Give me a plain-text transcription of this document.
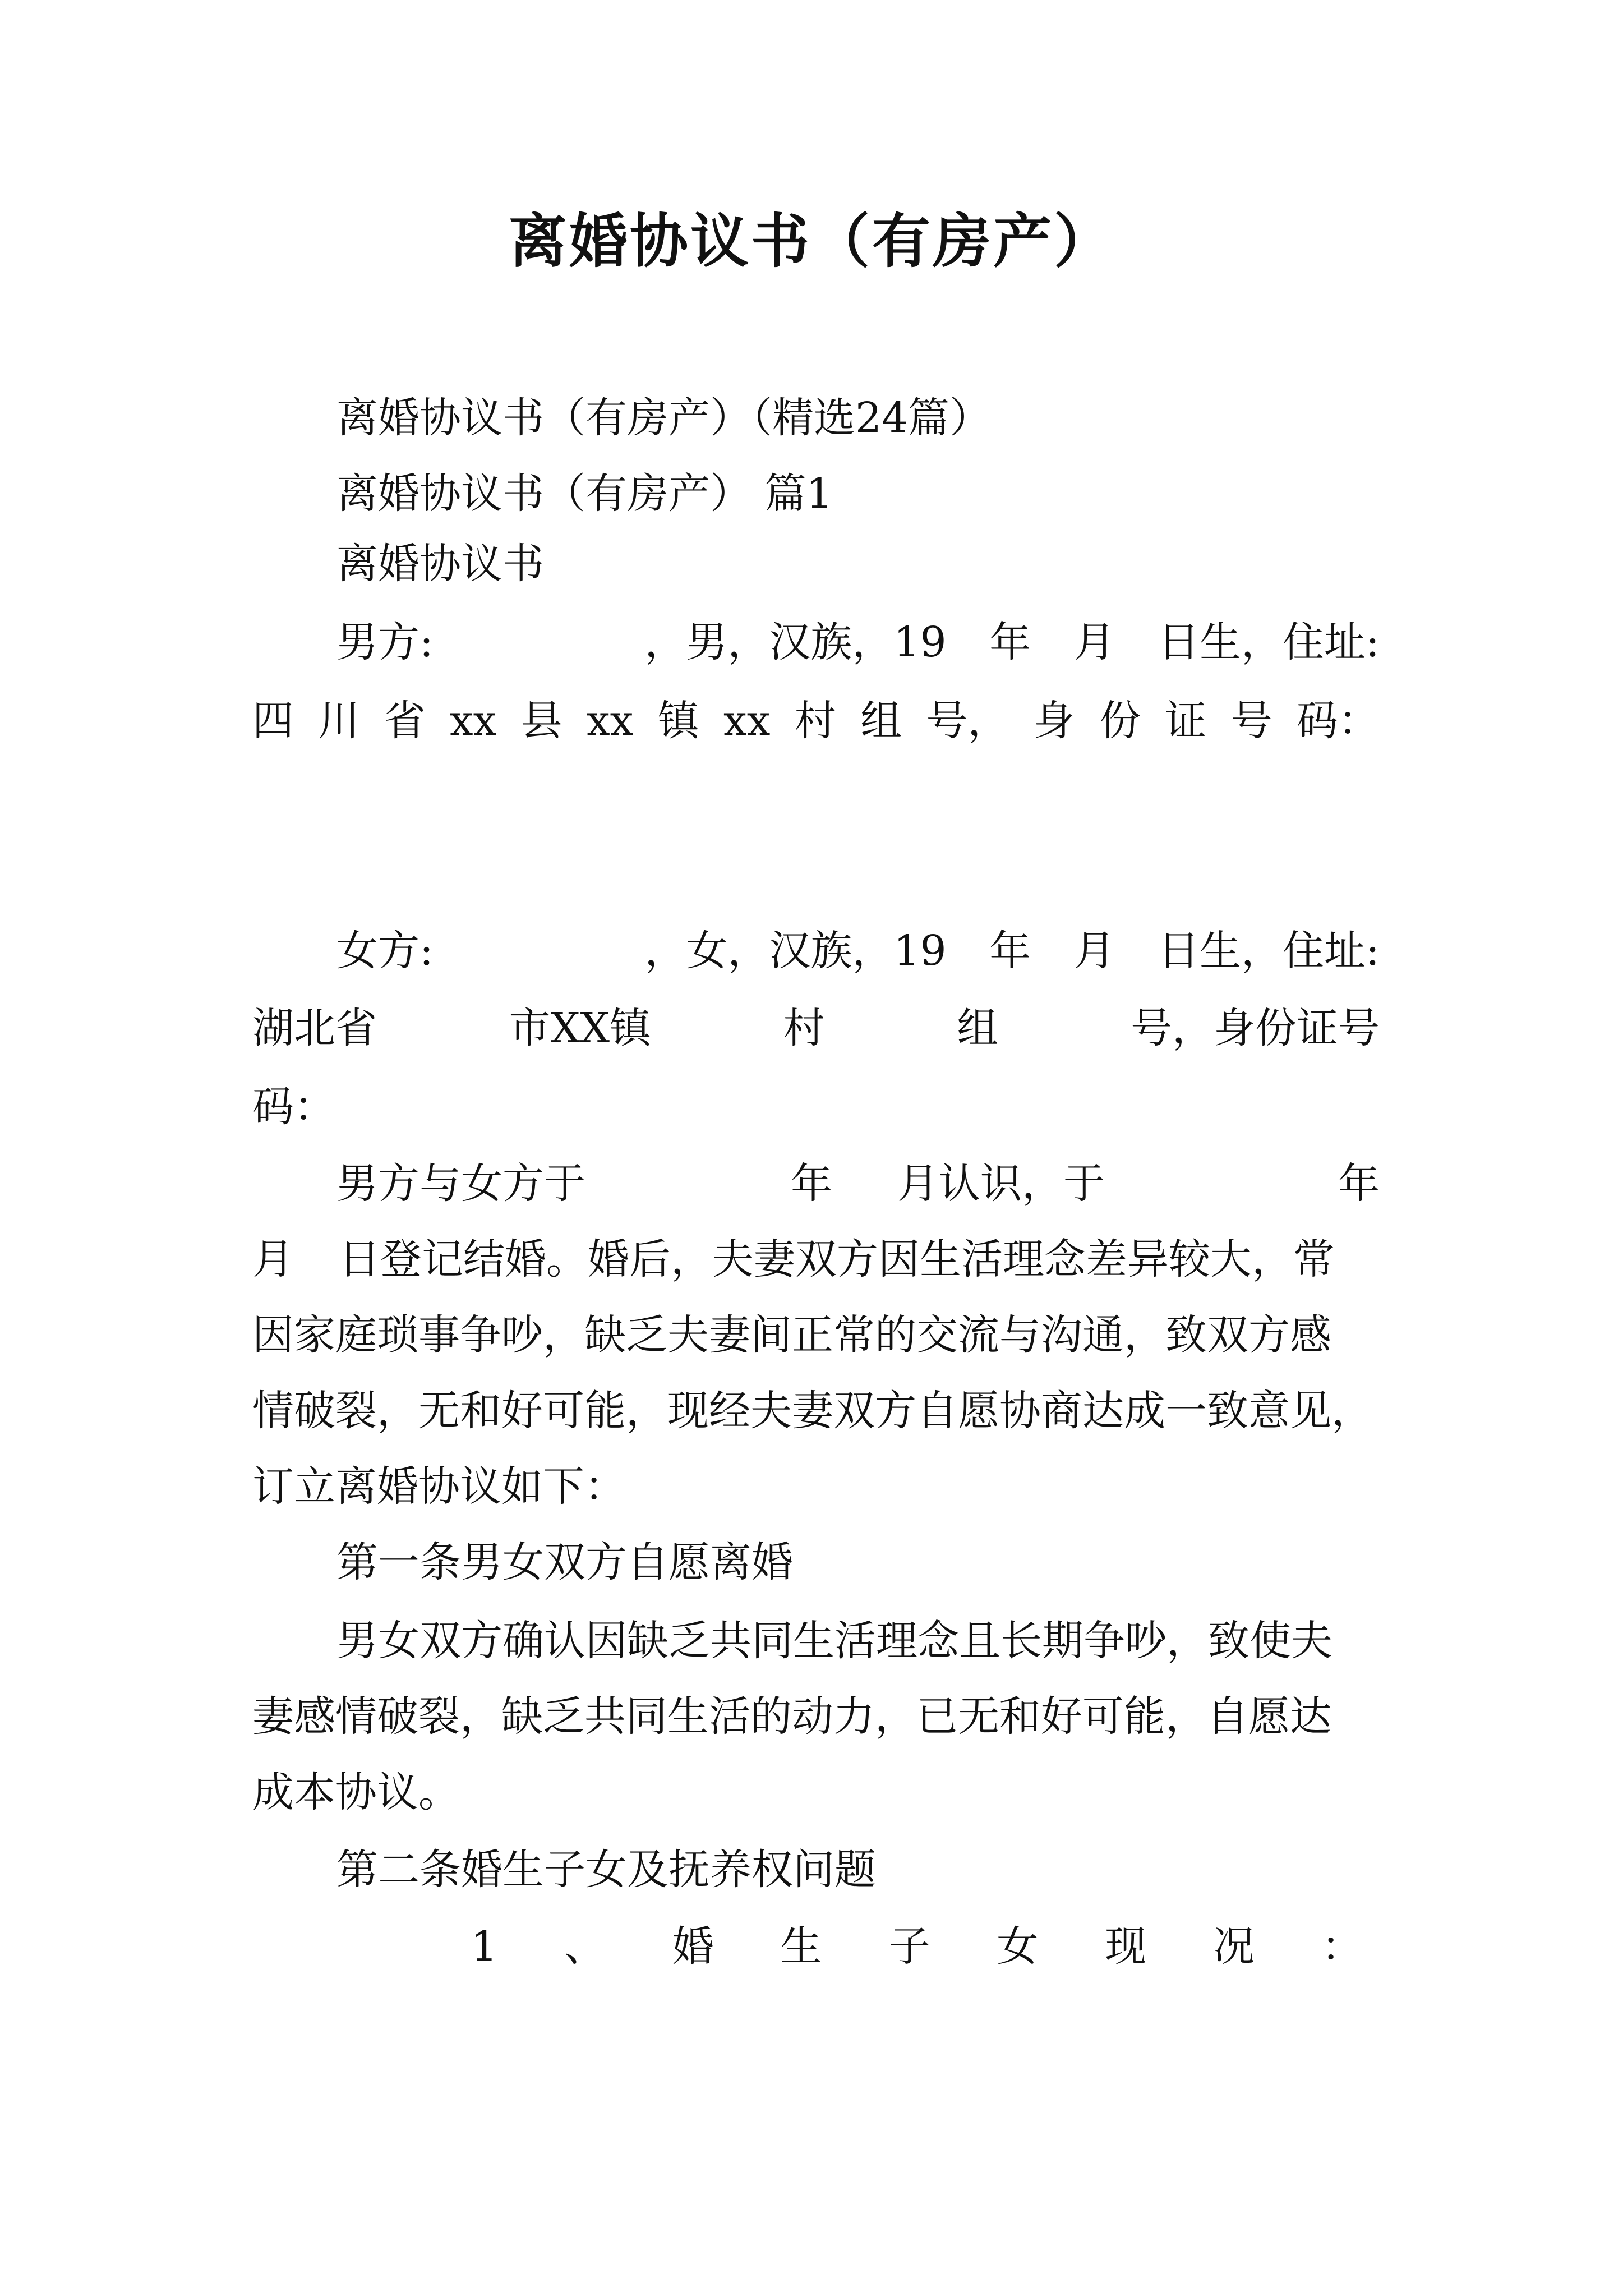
离婚协议书（有房产）
离婚协议书（有房产）（精选24篇）
离婚协议书（有房产） 篇1
离婚协议书
男方:	，男，汉族，19 年 月 日生，住址:
四 川 省 xx 县 xx 镇 xx 村 组 号， 身 份 证 号 码：
女方:	，女，汉族，19 年 月 日生，住址:
湖北省	市XX镇	村	组	号，身份证号
码：
男方与女方于	年 月认识，于	年
月 日登记结婚。婚后，夫妻双方因生活理念差异较大，常
因家庭琐事争吵，缺乏夫妻间正常的交流与沟通，致双方感
情破裂，无和好可能，现经夫妻双方自愿协商达成一致意见，
订立离婚协议如下：
第一条男女双方自愿离婚
男女双方确认因缺乏共同生活理念且长期争吵，致使夫
妻感情破裂，缺乏共同生活的动力，已无和好可能，自愿达
成本协议。
第二条婚生子女及抚养权问题
1 、 婚 生 子 女 现 况 ：
